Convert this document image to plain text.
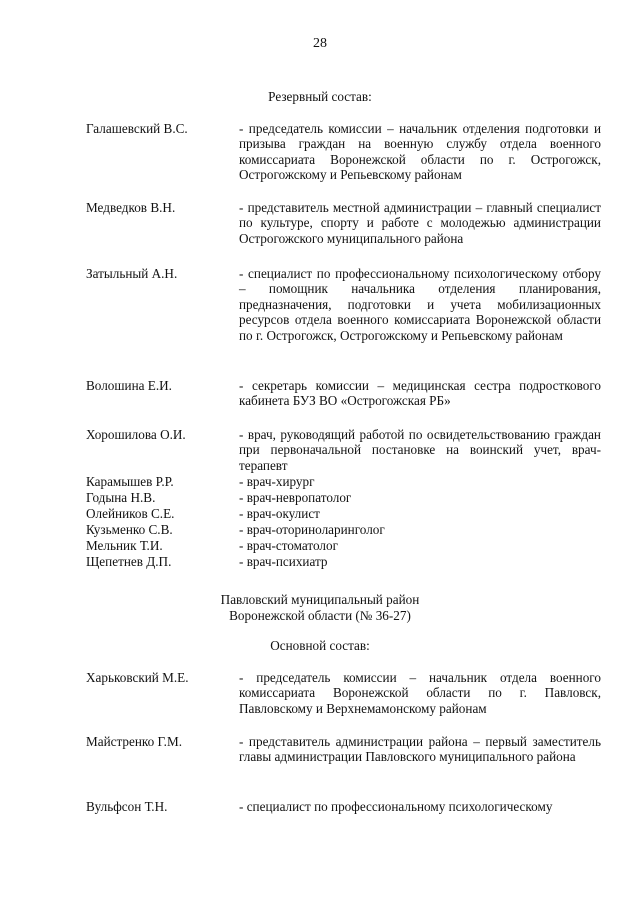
28
Резервный состав:
Галашевский В.С.	- председатель комиссии – начальник отделения подготовки и призыва граждан на военную службу отдела военного комиссариата Воронежской области по г. Острогожск, Острогожскому и Репьевскому районам
Медведков В.Н.	- представитель местной администрации – главный специалист по культуре, спорту и работе с молодежью администрации Острогожского муниципального района
Затыльный А.Н.	- специалист по профессиональному психологическому отбору – помощник начальника отделения планирования, предназначения, подготовки и учета мобилизационных ресурсов отдела военного комиссариата Воронежской области по г. Острогожск, Острогожскому и Репьевскому районам
Волошина Е.И.	- секретарь комиссии – медицинская сестра подросткового кабинета БУЗ ВО «Острогожская РБ»
Хорошилова О.И.	- врач, руководящий работой по освидетельствованию граждан при первоначальной постановке на воинский учет, врач-терапевт
Карамышев Р.Р.	- врач-хирург
Годына Н.В.	- врач-невропатолог
Олейников С.Е.	- врач-окулист
Кузьменко С.В.	- врач-оториноларинголог
Мельник Т.И.	- врач-стоматолог
Щепетнев Д.П.	- врач-психиатр
Павловский муниципальный район
Воронежской области (№ 36-27)
Основной состав:
Харьковский М.Е.	- председатель комиссии – начальник отдела военного комиссариата Воронежской области по г. Павловск, Павловскому и Верхнемамонскому районам
Майстренко Г.М.	- представитель администрации района – первый заместитель главы администрации Павловского муниципального района
Вульфсон Т.Н.	- специалист по профессиональному психологическому
